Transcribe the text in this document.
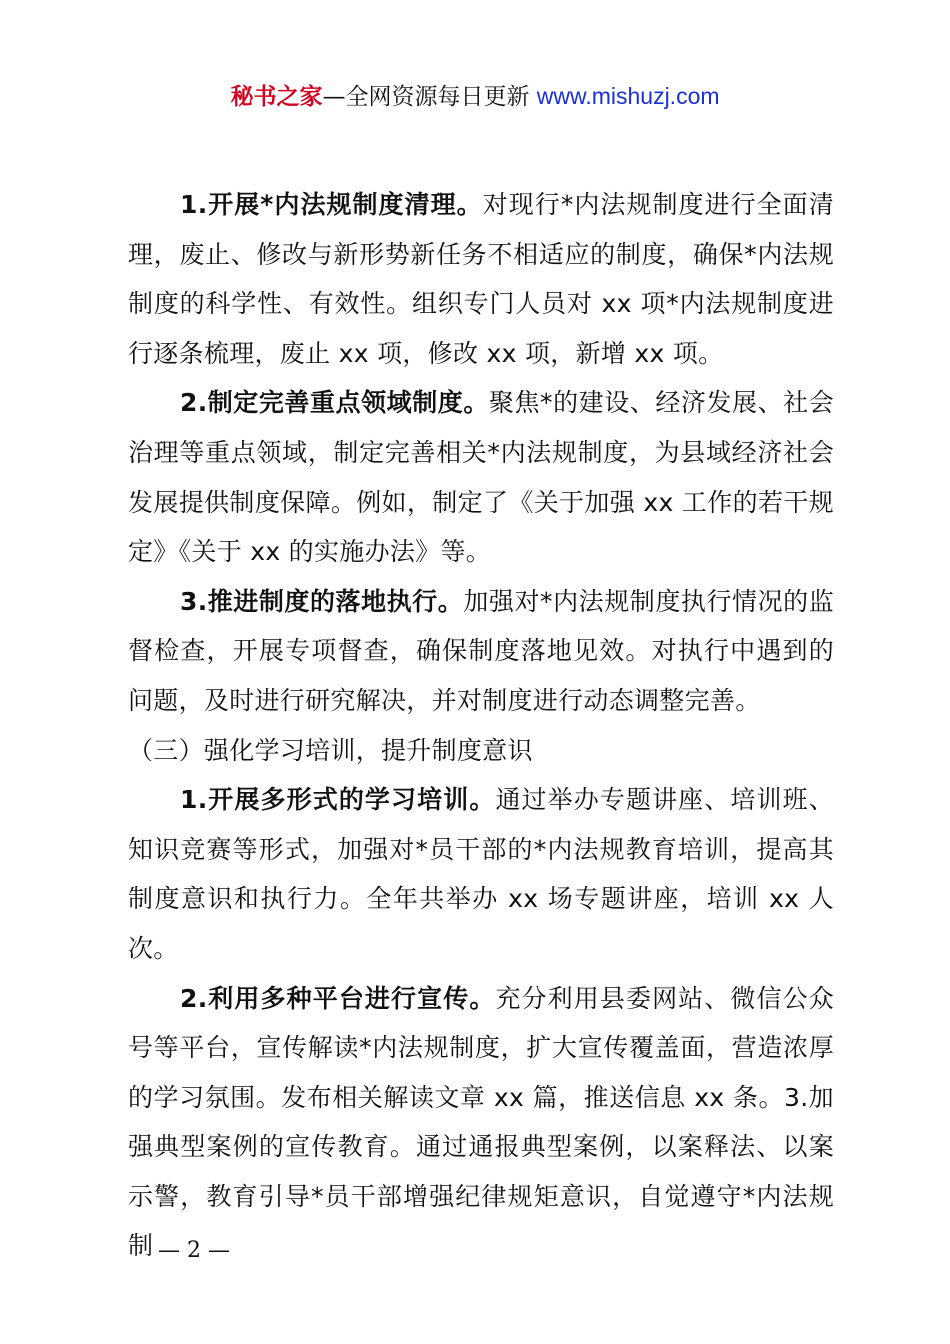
秘书之家—全网资源每日更新 www.mishuzj.com

1.开展*内法规制度清理。对现行*内法规制度进行全面清理，废止、修改与新形势新任务不相适应的制度，确保*内法规制度的科学性、有效性。组织专门人员对 xx 项*内法规制度进行逐条梳理，废止 xx 项，修改 xx 项，新增 xx 项。

2.制定完善重点领域制度。聚焦*的建设、经济发展、社会治理等重点领域，制定完善相关*内法规制度，为县域经济社会发展提供制度保障。例如，制定了《关于加强 xx 工作的若干规定》《关于 xx 的实施办法》等。

3.推进制度的落地执行。加强对*内法规制度执行情况的监督检查，开展专项督查，确保制度落地见效。对执行中遇到的问题，及时进行研究解决，并对制度进行动态调整完善。

（三）强化学习培训，提升制度意识

1.开展多形式的学习培训。通过举办专题讲座、培训班、知识竞赛等形式，加强对*员干部的*内法规教育培训，提高其制度意识和执行力。全年共举办 xx 场专题讲座，培训 xx 人次。

2.利用多种平台进行宣传。充分利用县委网站、微信公众号等平台，宣传解读*内法规制度，扩大宣传覆盖面，营造浓厚的学习氛围。发布相关解读文章 xx 篇，推送信息 xx 条。3.加强典型案例的宣传教育。通过通报典型案例，以案释法、以案示警，教育引导*员干部增强纪律规矩意识，自觉遵守*内法规制 — 2 —
